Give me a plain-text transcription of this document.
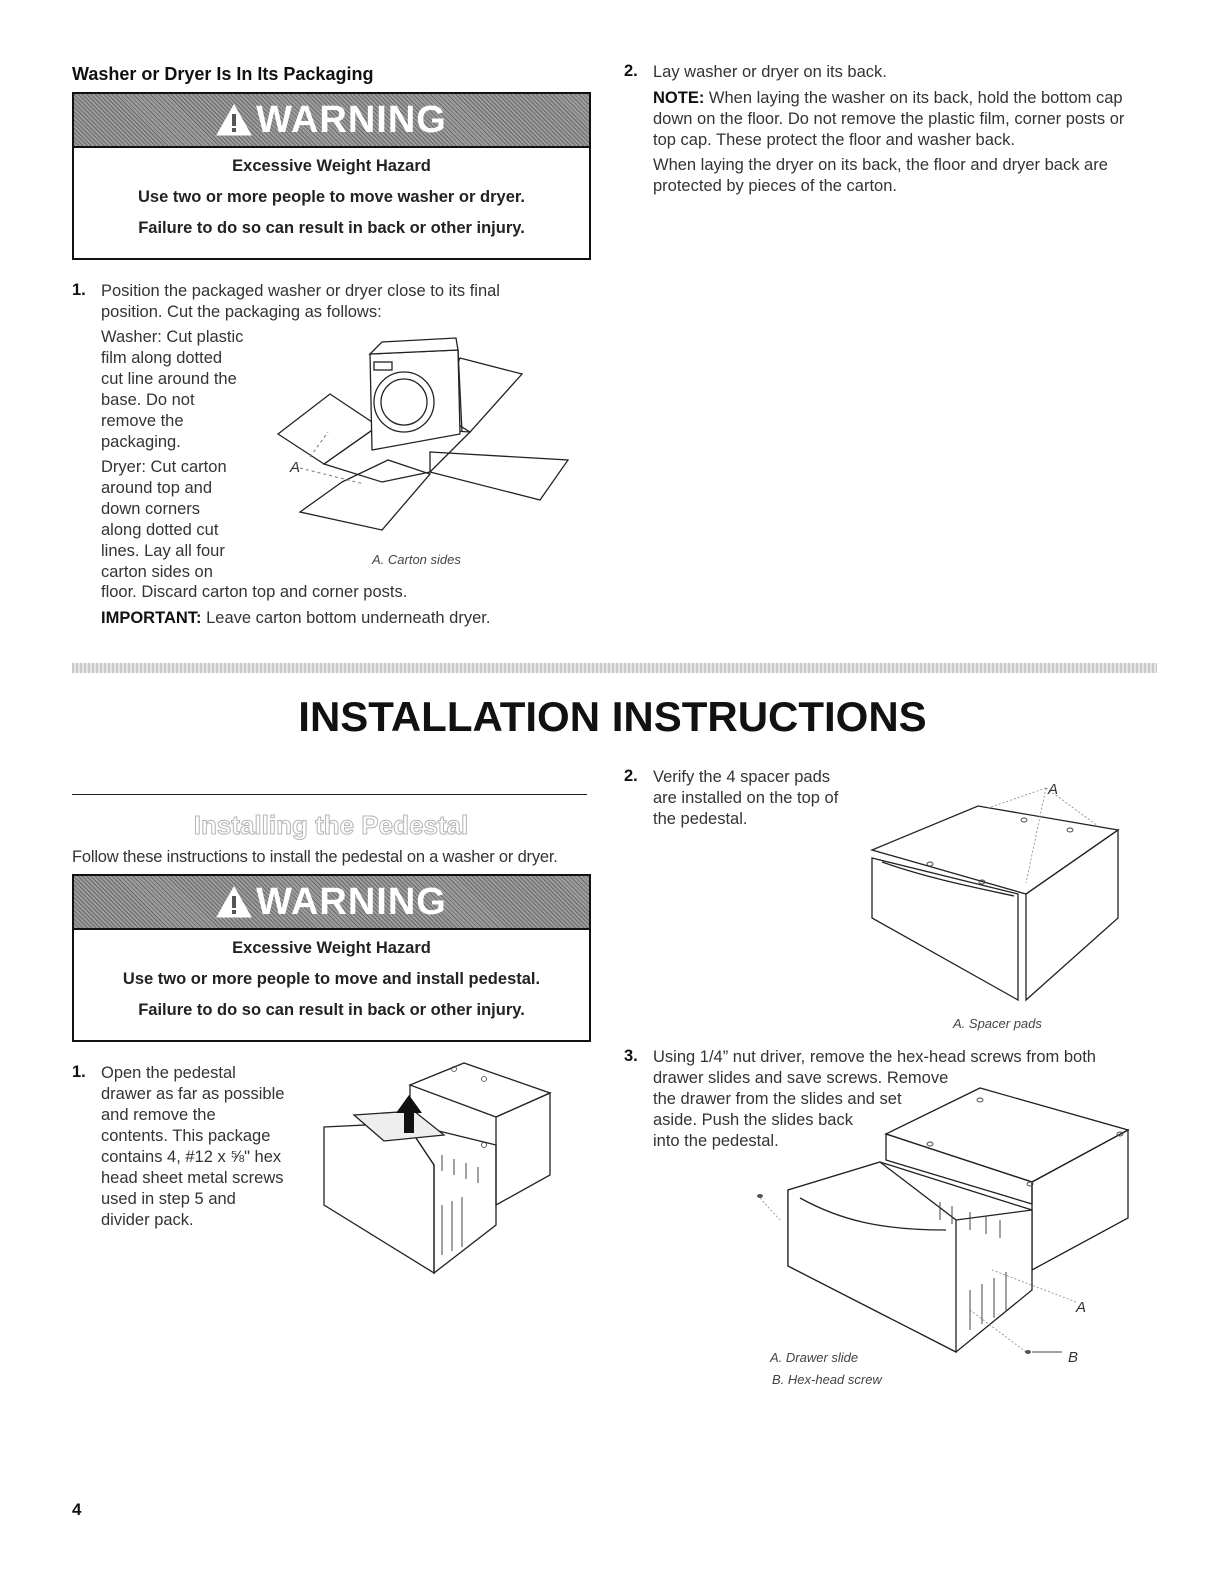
Washer or Dryer Is In Its Packaging
WARNING
Excessive Weight Hazard
Use two or more people to move washer or dryer.
Failure to do so can result in back or other injury.
1. Position the packaged washer or dryer close to its final position. Cut the packaging as follows:

Washer: Cut plastic

film along dotted

cut line around the

base. Do not

remove the

packaging.

Dryer: Cut carton

around top and

down corners

along dotted cut

lines. Lay all four

carton sides on

floor. Discard carton top and corner posts.
IMPORTANT: Leave carton bottom underneath dryer.
A
A. Carton sides
2. Lay washer or dryer on its back.
NOTE: When laying the washer on its back, hold the bottom cap down on the floor. Do not remove the plastic film, corner posts or top cap. These protect the floor and washer back.
When laying the dryer on its back, the floor and dryer back are protected by pieces of the carton.
INSTALLATION INSTRUCTIONS
Installing the Pedestal
Follow these instructions to install the pedestal on a washer or dryer.
WARNING
Excessive Weight Hazard
Use two or more people to move and install pedestal.
Failure to do so can result in back or other injury.
1. Open the pedestal

drawer as far as possible

and remove the

contents. This package

contains 4, #12 x ⅝" hex

head sheet metal screws

used in step 5 and

divider pack.

2. Verify the 4 spacer pads

are installed on the top of

the pedestal.

A
A. Spacer pads
3. Using 1/4” nut driver, remove the hex-head screws from both

drawer slides and save screws. Remove

the drawer from the slides and set

aside. Push the slides back

into the pedestal.

A
B
A. Drawer slide
B. Hex-head screw
4
